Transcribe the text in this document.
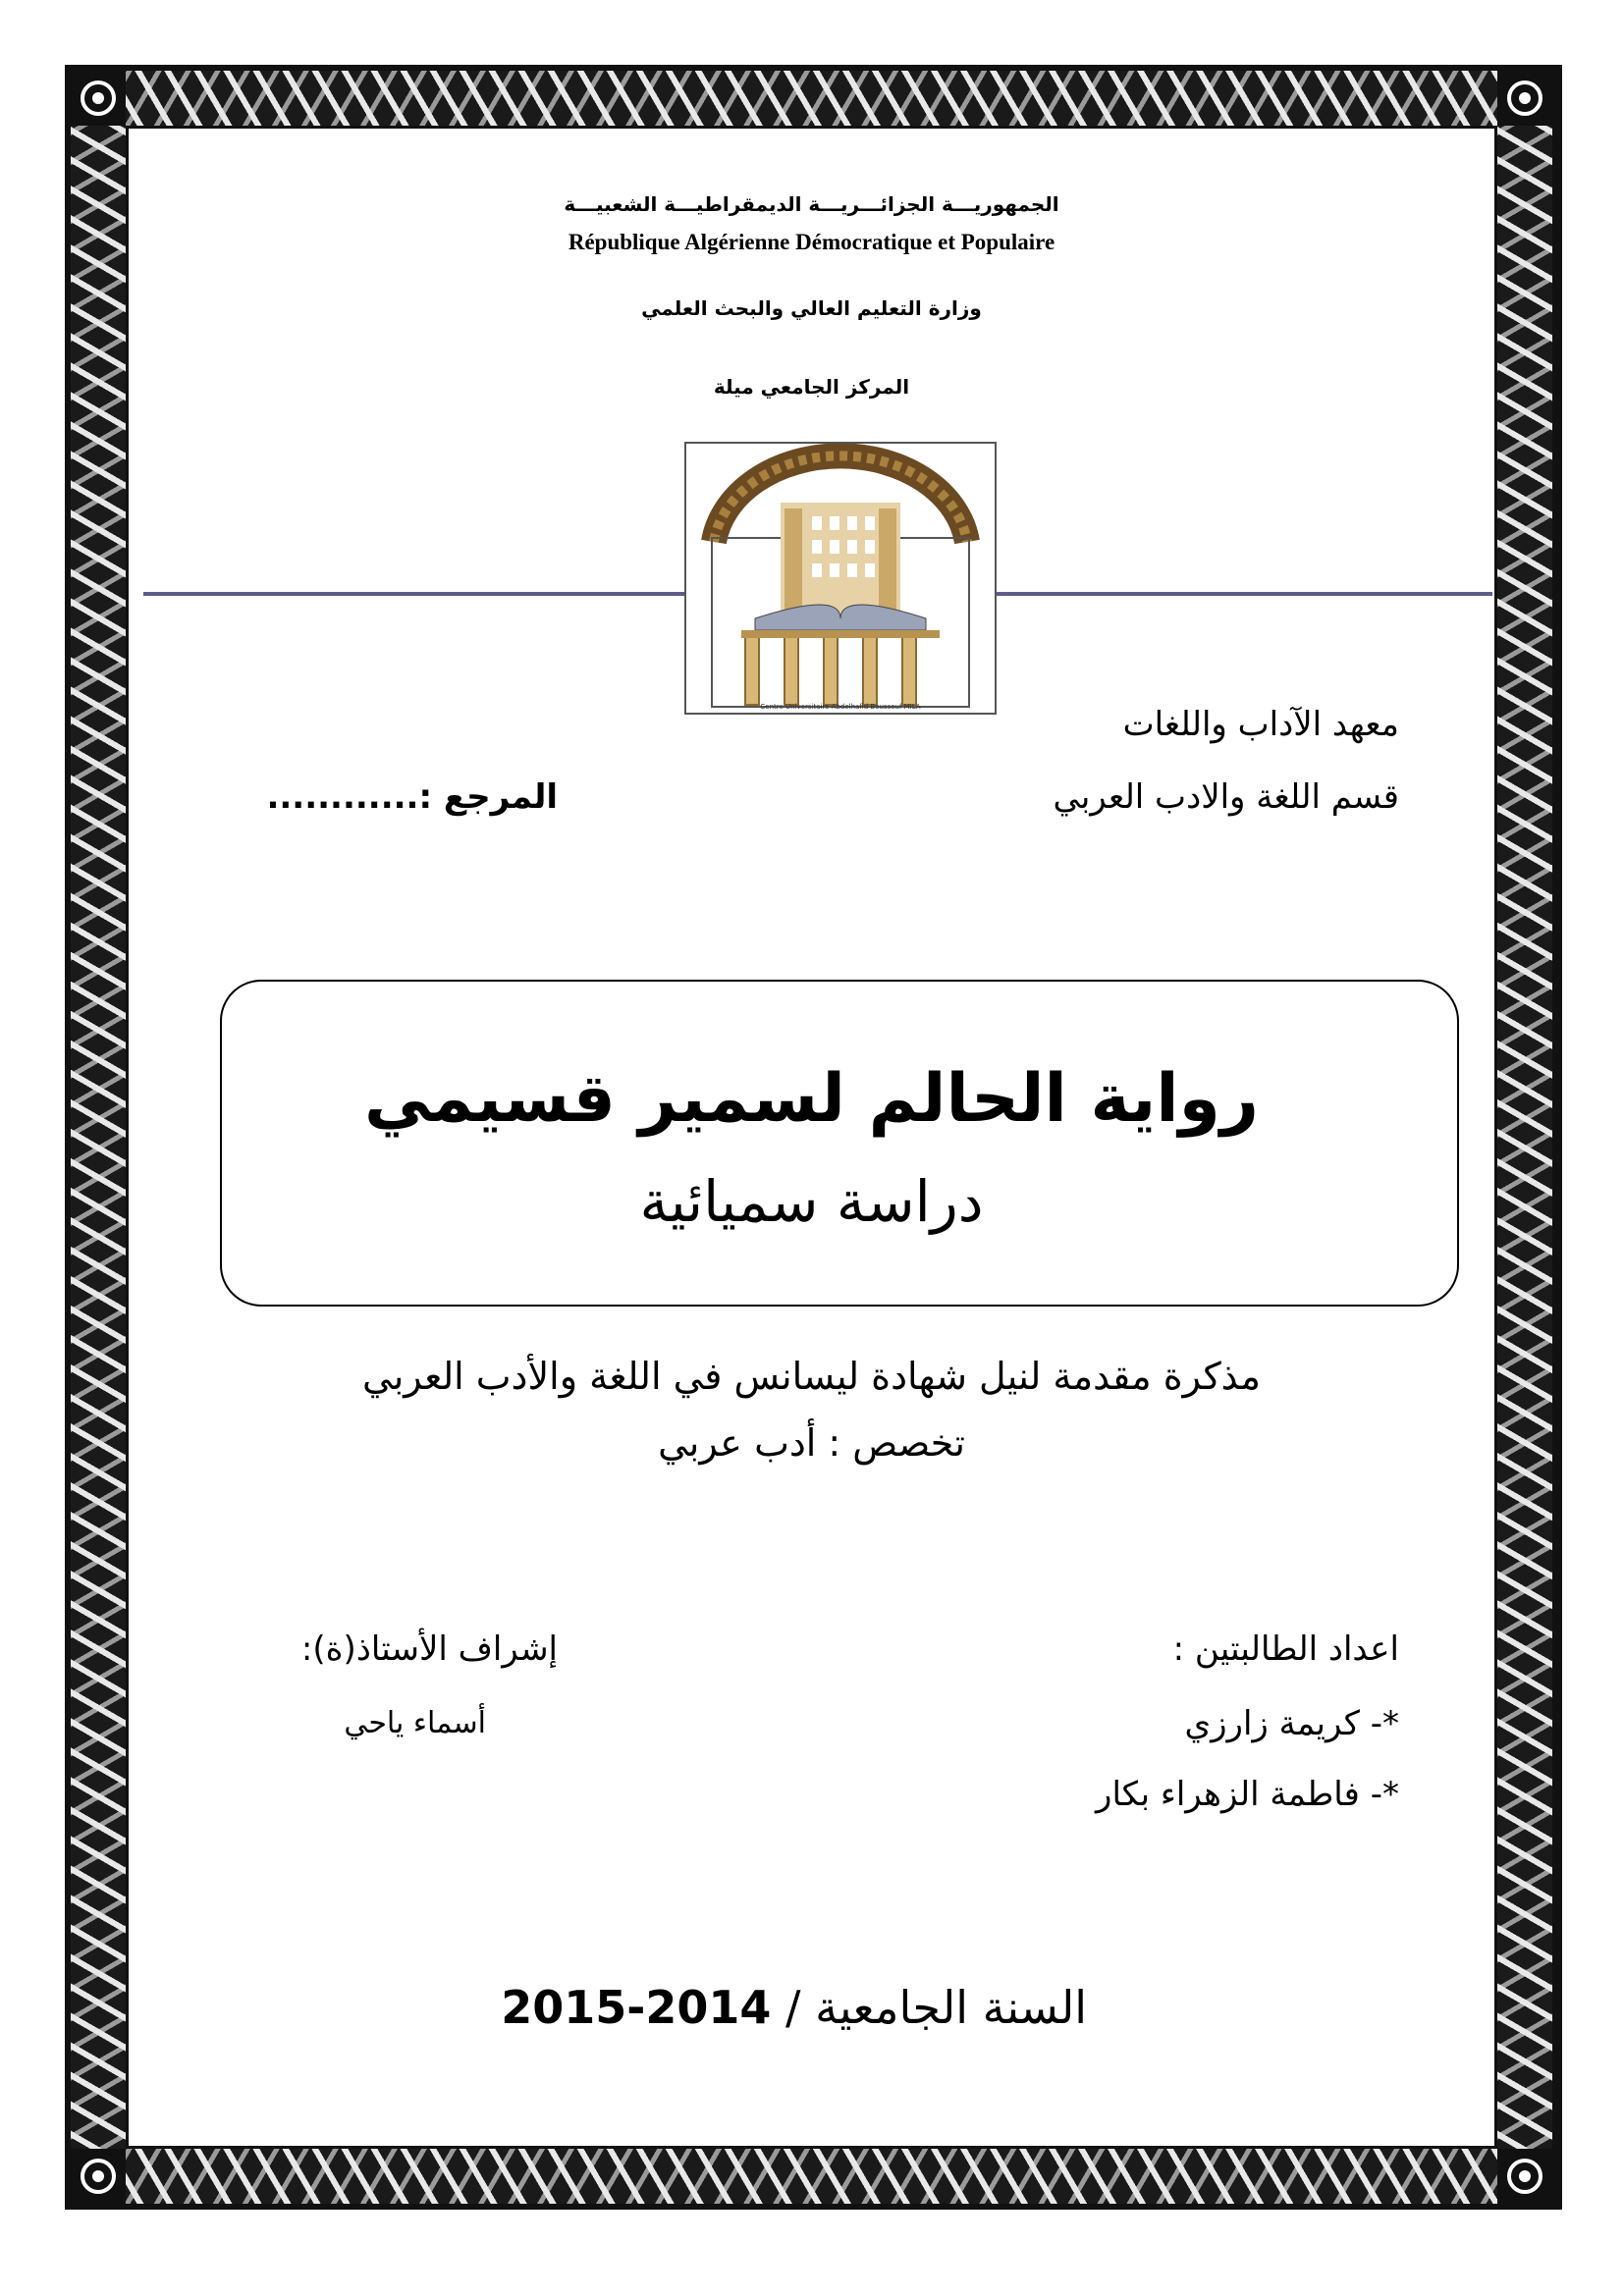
الجمهوريـــة الجزائـــريـــة الديمقراطيـــة الشعبيـــة
République Algérienne Démocratique et Populaire
وزارة التعليم العالي والبحث العلمي
المركز الجامعي ميلة
Centre Universitaire Abdelhafid Boussouf MILA	معهد الآداب واللغات
قسم اللغة والادب العربي
المرجع :............
رواية الحالم لسمير قسيمي
دراسة سميائية
مذكرة مقدمة لنيل شهادة ليسانس في اللغة والأدب العربي
تخصص : أدب عربي
اعداد الطالبتين :
*- كريمة زارزي
*- فاطمة الزهراء بكار
إشراف الأستاذ(ة):
أسماء ياحي
السنة الجامعية / 2015-2014
